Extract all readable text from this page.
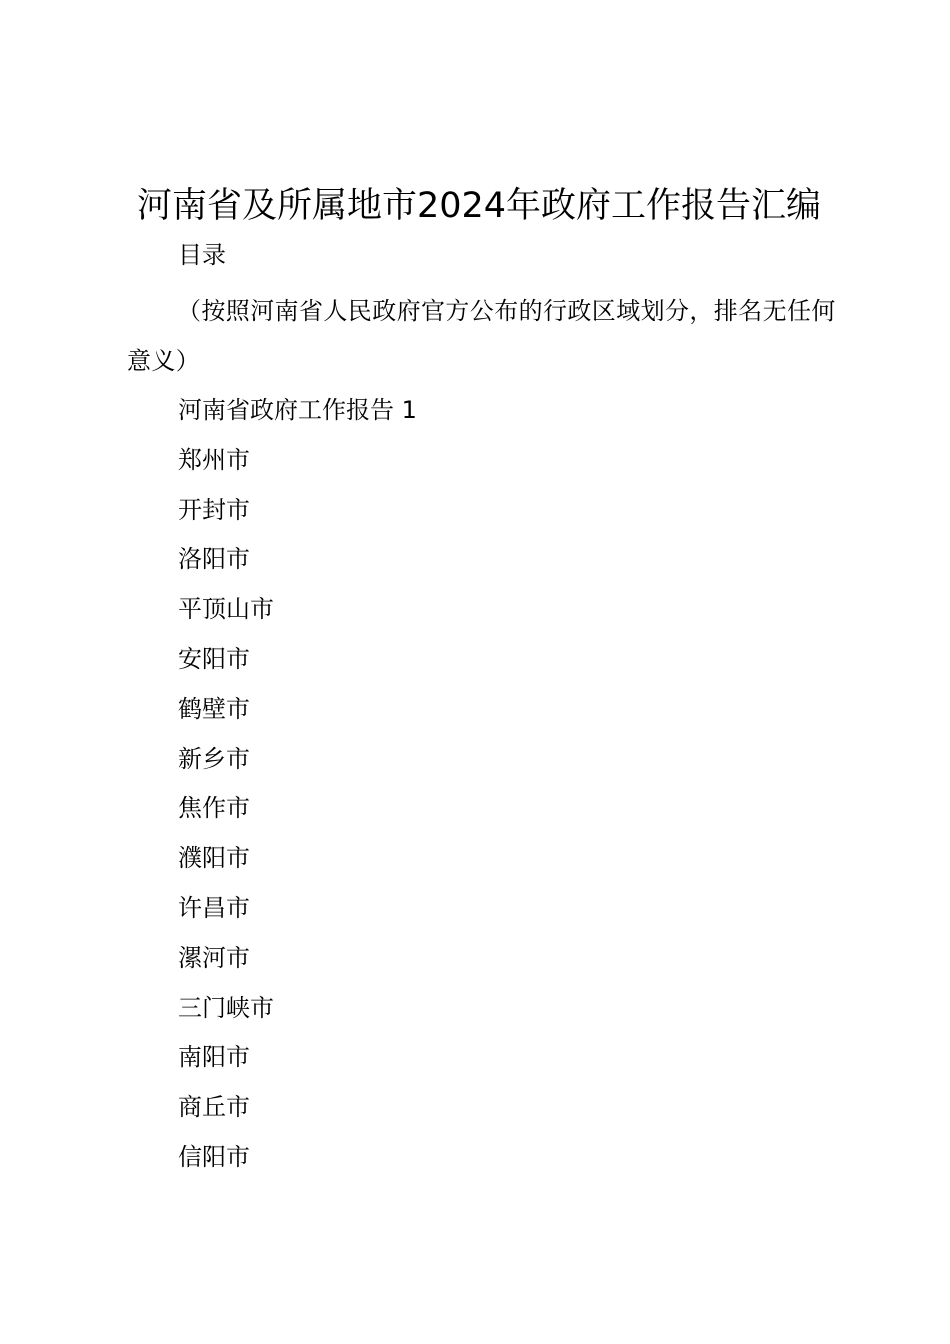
河南省及所属地市2024年政府工作报告汇编
目录

（按照河南省人民政府官方公布的行政区域划分，排名无任何意义）

河南省政府工作报告 1
郑州市
开封市
洛阳市
平顶山市
安阳市
鹤壁市
新乡市
焦作市
濮阳市
许昌市
漯河市
三门峡市
南阳市
商丘市
信阳市
